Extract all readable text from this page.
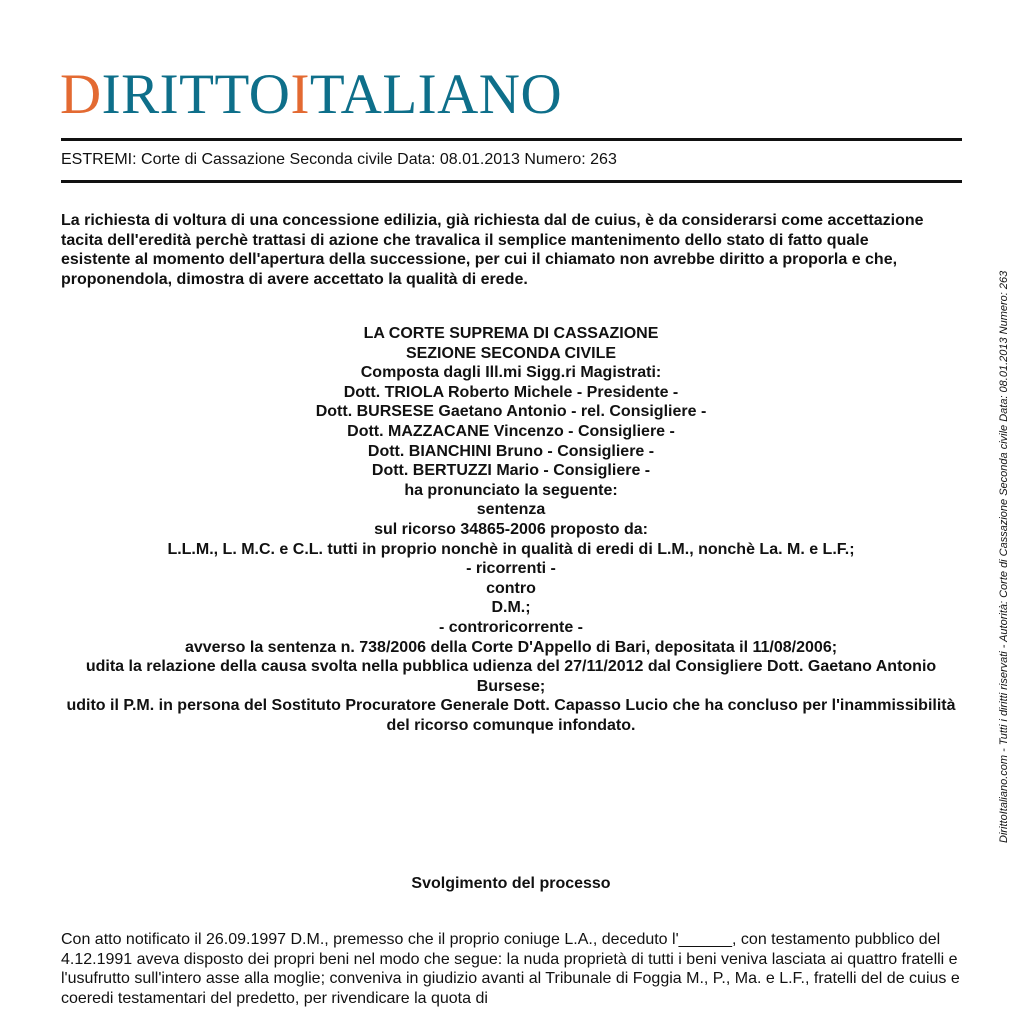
DIRITTOITALIANO
ESTREMI: Corte di Cassazione Seconda civile Data: 08.01.2013 Numero: 263
La richiesta di voltura di una concessione edilizia, già richiesta dal de cuius, è da considerarsi come accettazione tacita dell'eredità perchè trattasi di azione che travalica il semplice mantenimento dello stato di fatto quale esistente al momento dell'apertura della successione, per cui il chiamato non avrebbe diritto a proporla e che, proponendola, dimostra di avere accettato la qualità di erede.
LA CORTE SUPREMA DI CASSAZIONE
SEZIONE SECONDA CIVILE
Composta dagli Ill.mi Sigg.ri Magistrati:
Dott. TRIOLA Roberto Michele - Presidente -
Dott. BURSESE Gaetano Antonio - rel. Consigliere -
Dott. MAZZACANE Vincenzo - Consigliere -
Dott. BIANCHINI Bruno - Consigliere -
Dott. BERTUZZI Mario - Consigliere -
ha pronunciato la seguente:
sentenza
sul ricorso 34865-2006 proposto da:
L.L.M., L. M.C. e C.L. tutti in proprio nonchè in qualità di eredi di L.M., nonchè La. M. e L.F.;
- ricorrenti -
contro
D.M.;
- controricorrente -
avverso la sentenza n. 738/2006 della Corte D'Appello di Bari, depositata il 11/08/2006;
udita la relazione della causa svolta nella pubblica udienza del 27/11/2012 dal Consigliere Dott. Gaetano Antonio Bursese;
udito il P.M. in persona del Sostituto Procuratore Generale Dott. Capasso Lucio che ha concluso per l'inammissibilità del ricorso comunque infondato.
Svolgimento del processo
Con atto notificato il 26.09.1997 D.M., premesso che il proprio coniuge L.A., deceduto l'______, con testamento pubblico del 4.12.1991 aveva disposto dei propri beni nel modo che segue: la nuda proprietà di tutti i beni veniva lasciata ai quattro fratelli e l'usufrutto sull'intero asse alla moglie; conveniva in giudizio avanti al Tribunale di Foggia M., P., Ma. e L.F., fratelli del de cuius e coeredi testamentari del predetto, per rivendicare la quota di
DirittoItaliano.com - Tutti i diritti riservati - Autorità: Corte di Cassazione Seconda civile Data: 08.01.2013 Numero: 263
